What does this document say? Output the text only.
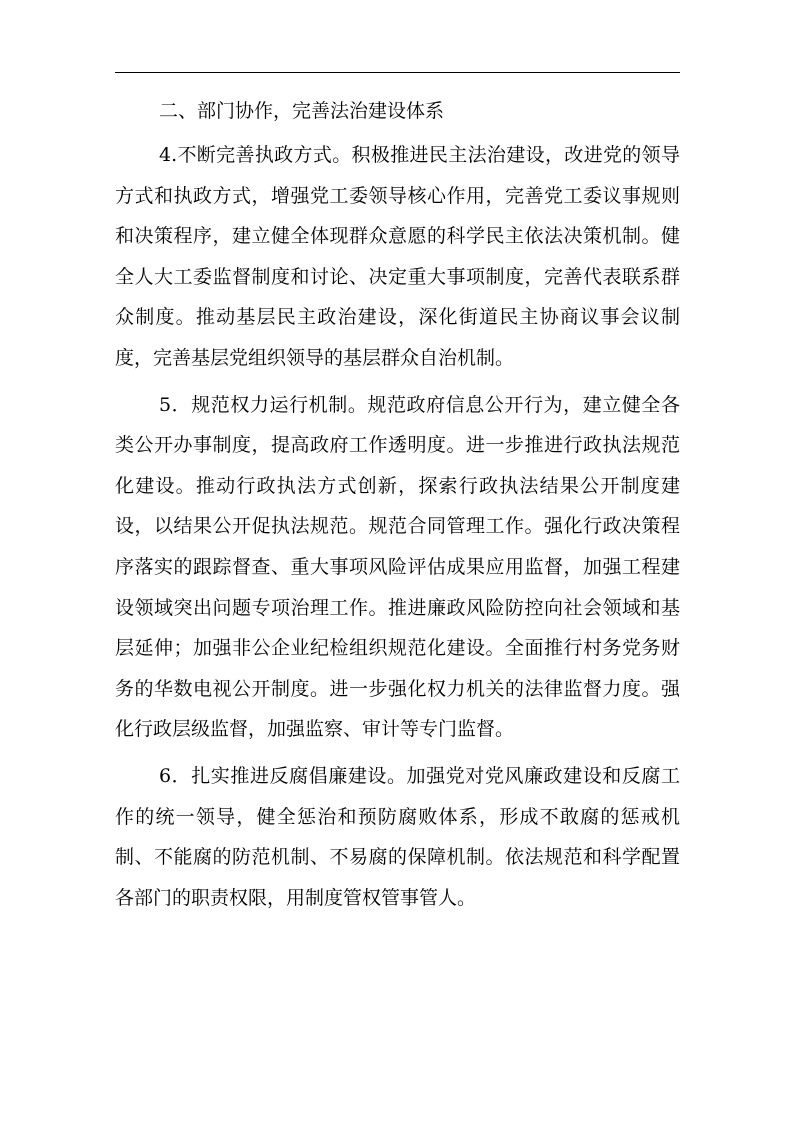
二、部门协作，完善法治建设体系

4.不断完善执政方式。积极推进民主法治建设，改进党的领导方式和执政方式，增强党工委领导核心作用，完善党工委议事规则和决策程序，建立健全体现群众意愿的科学民主依法决策机制。健全人大工委监督制度和讨论、决定重大事项制度，完善代表联系群众制度。推动基层民主政治建设，深化街道民主协商议事会议制度，完善基层党组织领导的基层群众自治机制。

5．规范权力运行机制。规范政府信息公开行为，建立健全各类公开办事制度，提高政府工作透明度。进一步推进行政执法规范化建设。推动行政执法方式创新，探索行政执法结果公开制度建设，以结果公开促执法规范。规范合同管理工作。强化行政决策程序落实的跟踪督查、重大事项风险评估成果应用监督，加强工程建设领域突出问题专项治理工作。推进廉政风险防控向社会领域和基层延伸；加强非公企业纪检组织规范化建设。全面推行村务党务财务的华数电视公开制度。进一步强化权力机关的法律监督力度。强化行政层级监督，加强监察、审计等专门监督。

6．扎实推进反腐倡廉建设。加强党对党风廉政建设和反腐工作的统一领导，健全惩治和预防腐败体系，形成不敢腐的惩戒机制、不能腐的防范机制、不易腐的保障机制。依法规范和科学配置各部门的职责权限，用制度管权管事管人。
